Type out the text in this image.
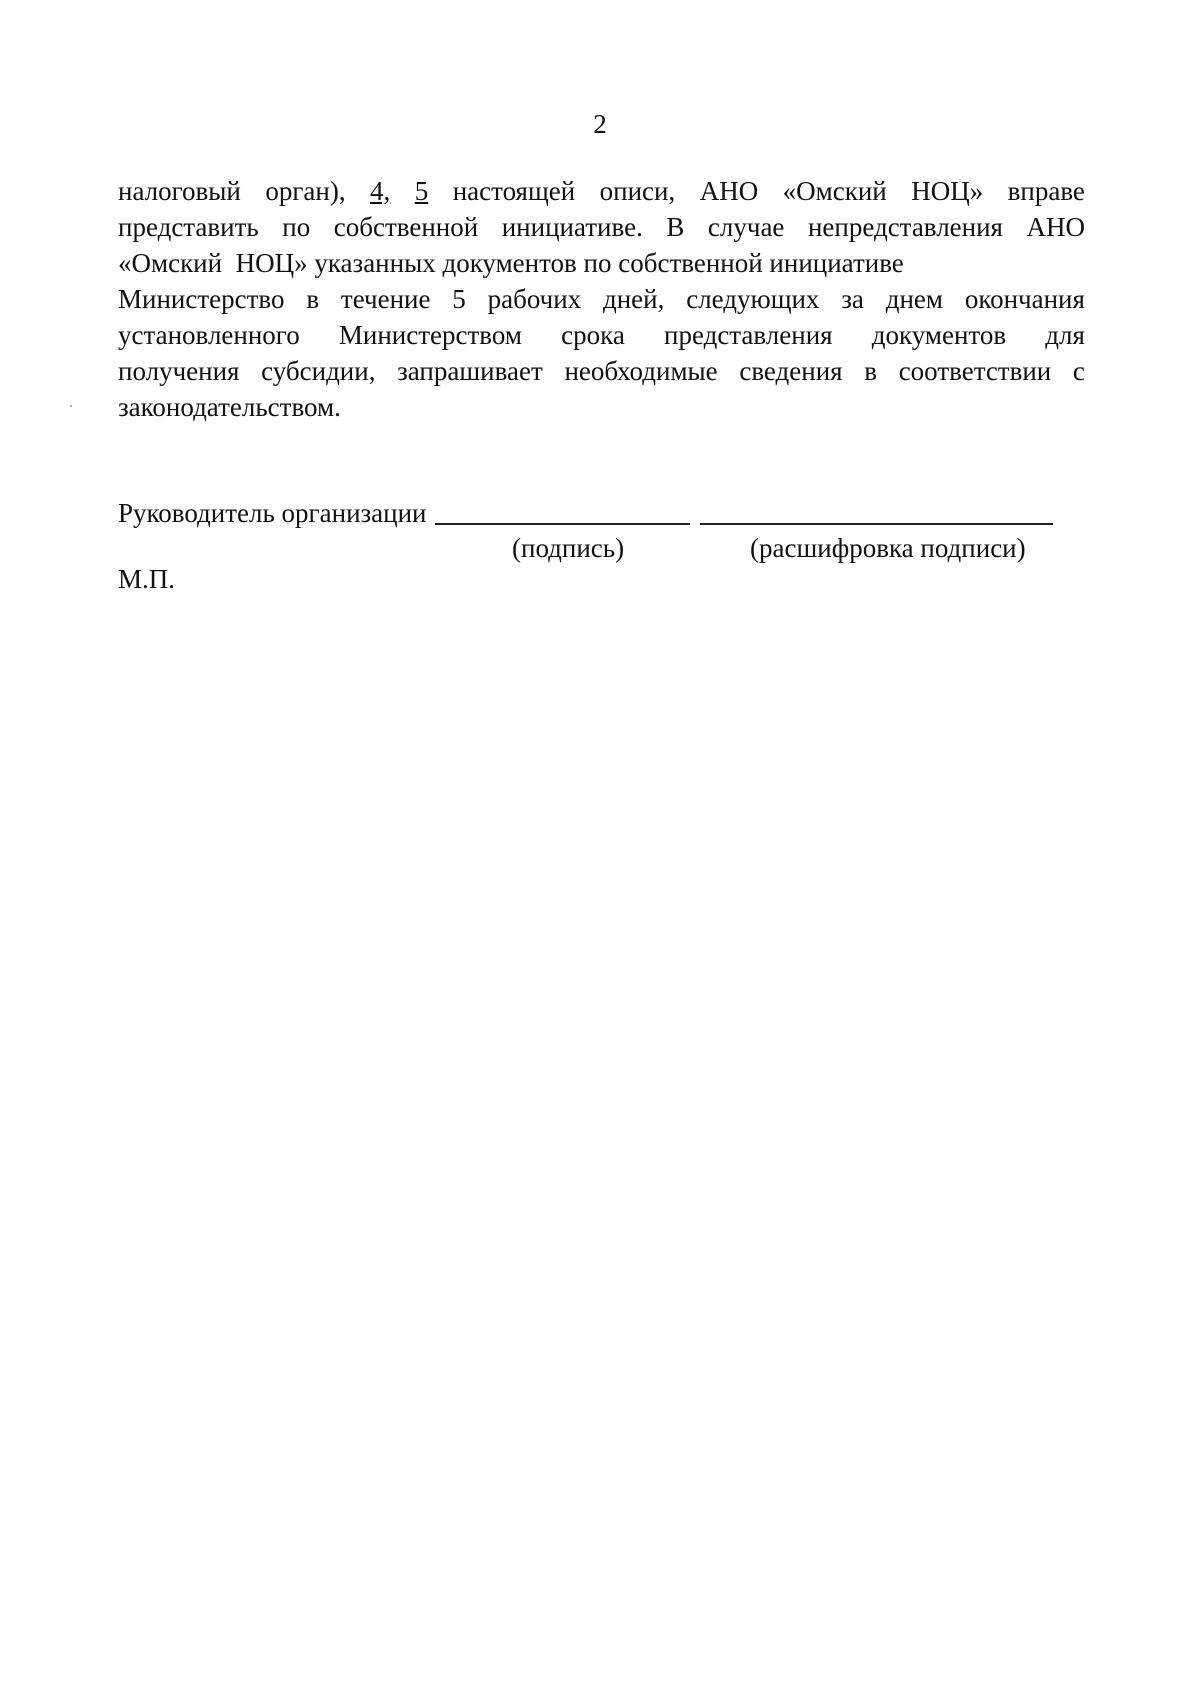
2
налоговый орган), 4, 5 настоящей описи, АНО «Омский НОЦ» вправе
представить по собственной инициативе. В случае непредставления АНО
«Омский  НОЦ» указанных документов по собственной инициативе
Министерство в течение 5 рабочих дней, следующих за днем окончания
установленного Министерством срока представления документов для
получения субсидии, запрашивает необходимые сведения в соответствии с
законодательством.
Руководитель организации
(подпись)	(расшифровка подписи)
М.П.
